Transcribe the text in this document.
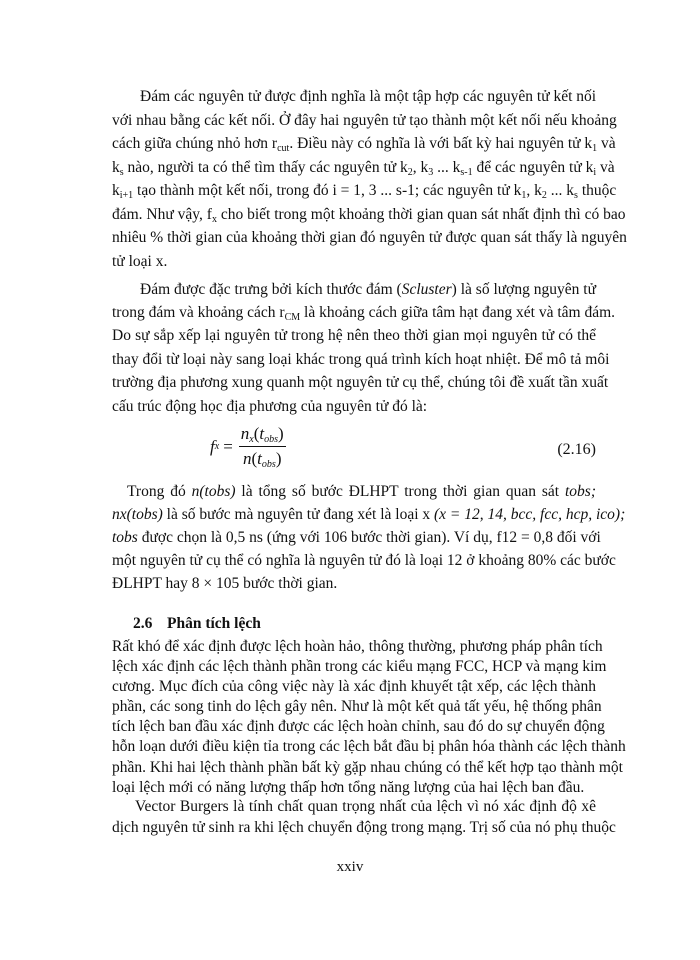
f $x = \frac{n_x(t_{obs})}{n(t_{obs})}$	(2.16)
2.6 Phân tích lệch
xxiv
Đám các nguyên tử được định nghĩa là một tập hợp các nguyên tử kết nối
với nhau bằng các kết nối. Ở đây hai nguyên tử tạo thành một kết nối nếu khoảng
cách giữa chúng nhỏ hơn $r_{cut}$. Điều này có nghĩa là với bất kỳ hai nguyên tử $k_1$ và
$k_s$ nào, người ta có thể tìm thấy các nguyên tử $k_2$, $k_3$ ... $k_{s-1}$ để các nguyên tử $k_i$ và
$k_{i+1}$ tạo thành một kết nối, trong đó i = 1, 3 ... s-1; các nguyên tử $k_1$, $k_2$ ... $k_s$ thuộc
đám. Như vậy, $f_x$ cho biết trong một khoảng thời gian quan sát nhất định thì có bao
nhiêu % thời gian của khoảng thời gian đó nguyên tử được quan sát thấy là nguyên
tử loại x.
Đám được đặc trưng bởi kích thước đám (Scluster) là số lượng nguyên tử
trong đám và khoảng cách $r_{CM}$ là khoảng cách giữa tâm hạt đang xét và tâm đám.
Do sự sắp xếp lại nguyên tử trong hệ nên theo thời gian mọi nguyên tử có thể
thay đổi từ loại này sang loại khác trong quá trình kích hoạt nhiệt. Để mô tả môi
trường địa phương xung quanh một nguyên tử cụ thể, chúng tôi đề xuất tần xuất
cấu trúc động học địa phương của nguyên tử đó là:
Trong đó n(tobs) là tổng số bước ĐLHPT trong thời gian quan sát tobs;
nx(tobs) là số bước mà nguyên tử đang xét là loại x (x = 12, 14, bcc, fcc, hcp, ico);
tobs được chọn là 0,5 ns (ứng với 106 bước thời gian). Ví dụ, f12 = 0,8 đối với
một nguyên tử cụ thể có nghĩa là nguyên tử đó là loại 12 ở khoảng 80% các bước
ĐLHPT hay 8 × 105 bước thời gian.
Rất khó để xác định được lệch hoàn hảo, thông thường, phương pháp phân tích
lệch xác định các lệch thành phần trong các kiểu mạng FCC, HCP và mạng kim
cương. Mục đích của công việc này là xác định khuyết tật xếp, các lệch thành
phần, các song tinh do lệch gây nên. Như là một kết quả tất yếu, hệ thống phân
tích lệch ban đầu xác định được các lệch hoàn chỉnh, sau đó do sự chuyển động
hỗn loạn dưới điều kiện tỉa trong các lệch bắt đầu bị phân hóa thành các lệch thành
phần. Khi hai lệch thành phần bất kỳ gặp nhau chúng có thể kết hợp tạo thành một
loại lệch mới có năng lượng thấp hơn tổng năng lượng của hai lệch ban đầu.
Vector Burgers là tính chất quan trọng nhất của lệch vì nó xác định độ xê
dịch nguyên tử sinh ra khi lệch chuyển động trong mạng. Trị số của nó phụ thuộc
